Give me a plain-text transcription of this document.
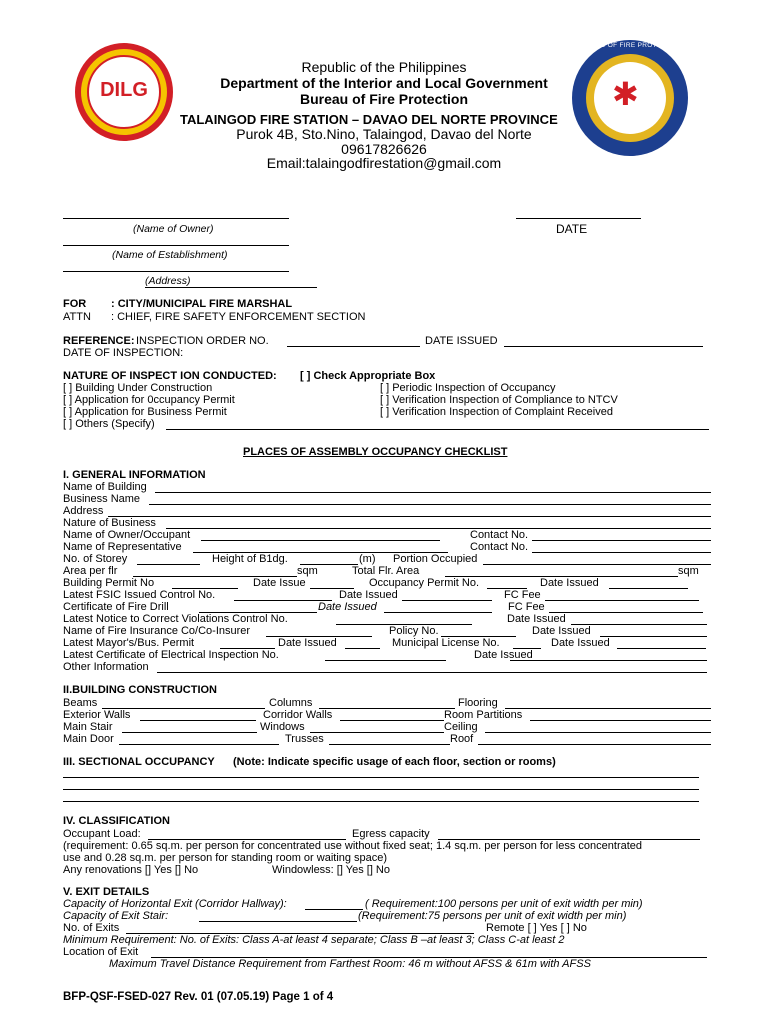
DILG	✱
BUREAU OF FIRE PROTECTION
Republic of the Philippines
Department of the Interior and Local Government
Bureau of Fire Protection
TALAINGOD FIRE STATION – DAVAO DEL NORTE PROVINCE
Purok 4B, Sto.Nino, Talaingod, Davao del Norte
09617826626
Email:talaingodfirestation@gmail.com
(Name of Owner)
(Name of Establishment)
(Address)
DATE
FOR : CITY/MUNICIPAL FIRE MARSHAL
ATTN : CHIEF, FIRE SAFETY ENFORCEMENT SECTION
REFERENCE: INSPECTION ORDER NO.	DATE ISSUED
DATE OF INSPECTION:
NATURE OF INSPECT ION CONDUCTED: [ ] Check Appropriate Box
[ ] Building Under Construction
[ ] Application for 0ccupancy Permit
[ ] Application for Business Permit
[ ] Periodic Inspection of Occupancy
[ ] Verification Inspection of Compliance to NTCV
[ ] Verification Inspection of Complaint Received
[ ] Others (Specify)
PLACES OF ASSEMBLY OCCUPANCY CHECKLIST
I. GENERAL INFORMATION
Name of Building
Business Name
Address
Nature of Business
Name of Owner/Occupant	Contact No.
Name of Representative	Contact No.
No. of Storey	Height of B1dg.	(m) Portion Occupied
Area per flr	sqm	Total Flr. Area	sqm
Building Permit No	Date Issue	Occupancy Permit No.	Date Issued
Latest FSIC Issued Control No.	Date Issued	FC Fee
Certificate of Fire Drill	Date Issued	FC Fee
Latest Notice to Correct Violations Control No.	Date Issued
Name of Fire Insurance Co/Co-Insurer	Policy No.	Date Issued
Latest Mayor's/Bus. Permit	Date Issued	Municipal License No.	Date Issued
Latest Certificate of Electrical Inspection No.	Date Issued
Other Information
II.BUILDING CONSTRUCTION
Beams	Columns	Flooring
Exterior Walls	Corridor Walls	Room Partitions
Main Stair	Windows	Ceiling
Main Door	Trusses	Roof
III. SECTIONAL OCCUPANCY (Note: Indicate specific usage of each floor, section or rooms)
IV. CLASSIFICATION
Occupant Load:	Egress capacity
(requirement: 0.65 sq.m. per person for concentrated use without fixed seat; 1.4 sq.m. per person for less concentrated
use and 0.28 sq.m. per person for standing room or waiting space)
Any renovations [] Yes [] No	Windowless: [] Yes [] No
V. EXIT DETAILS
Capacity of Horizontal Exit (Corridor Hallway):	( Requirement:100 persons per unit of exit width per min)
Capacity of Exit Stair:	(Requirement:75 persons per unit of exit width per min)
No. of Exits	Remote [ ] Yes [ ] No
Minimum Requirement: No. of Exits: Class A-at least 4 separate; Class B –at least 3; Class C-at least 2
Location of Exit
Maximum Travel Distance Requirement from Farthest Room: 46 m without AFSS & 61m with AFSS
BFP-QSF-FSED-027 Rev. 01 (07.05.19) Page 1 of 4
